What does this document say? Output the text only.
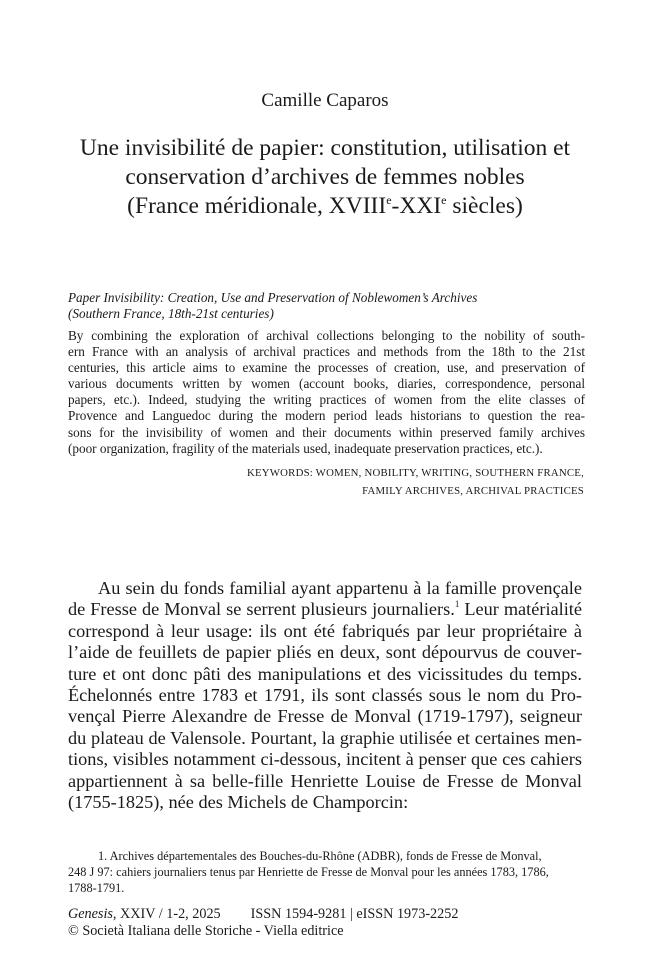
Camille Caparos
Une invisibilité de papier: constitution, utilisation et
conservation d’archives de femmes nobles
(France méridionale, XVIIIe-XXIe siècles)
Paper Invisibility: Creation, Use and Preservation of Noblewomen’s Archives
(Southern France, 18th-21st centuries)
By combining the exploration of archival collections belonging to the nobility of south-
ern France with an analysis of archival practices and methods from the 18th to the 21st
centuries, this article aims to examine the processes of creation, use, and preservation of
various documents written by women (account books, diaries, correspondence, personal
papers, etc.). Indeed, studying the writing practices of women from the elite classes of
Provence and Languedoc during the modern period leads historians to question the rea-
sons for the invisibility of women and their documents within preserved family archives
(poor organization, fragility of the materials used, inadequate preservation practices, etc.).
KEYWORDS: WOMEN, NOBILITY, WRITING, SOUTHERN FRANCE,
FAMILY ARCHIVES, ARCHIVAL PRACTICES
Au sein du fonds familial ayant appartenu à la famille provençale
de Fresse de Monval se serrent plusieurs journaliers.$^1$ Leur matérialité
correspond à leur usage: ils ont été fabriqués par leur propriétaire à
l’aide de feuillets de papier pliés en deux, sont dépourvus de couver-
ture et ont donc pâti des manipulations et des vicissitudes du temps.
Échelonnés entre 1783 et 1791, ils sont classés sous le nom du Pro-
vençal Pierre Alexandre de Fresse de Monval (1719-1797), seigneur
du plateau de Valensole. Pourtant, la graphie utilisée et certaines men-
tions, visibles notamment ci-dessous, incitent à penser que ces cahiers
appartiennent à sa belle-fille Henriette Louise de Fresse de Monval
(1755-1825), née des Michels de Champorcin:
1. Archives départementales des Bouches-du-Rhône (ADBR), fonds de Fresse de Monval,
248 J 97: cahiers journaliers tenus par Henriette de Fresse de Monval pour les années 1783, 1786,
1788-1791.
Genesis, XXIV / 1-2, 2025 ISSN 1594-9281 | eISSN 1973-2252
© Società Italiana delle Storiche - Viella editrice
